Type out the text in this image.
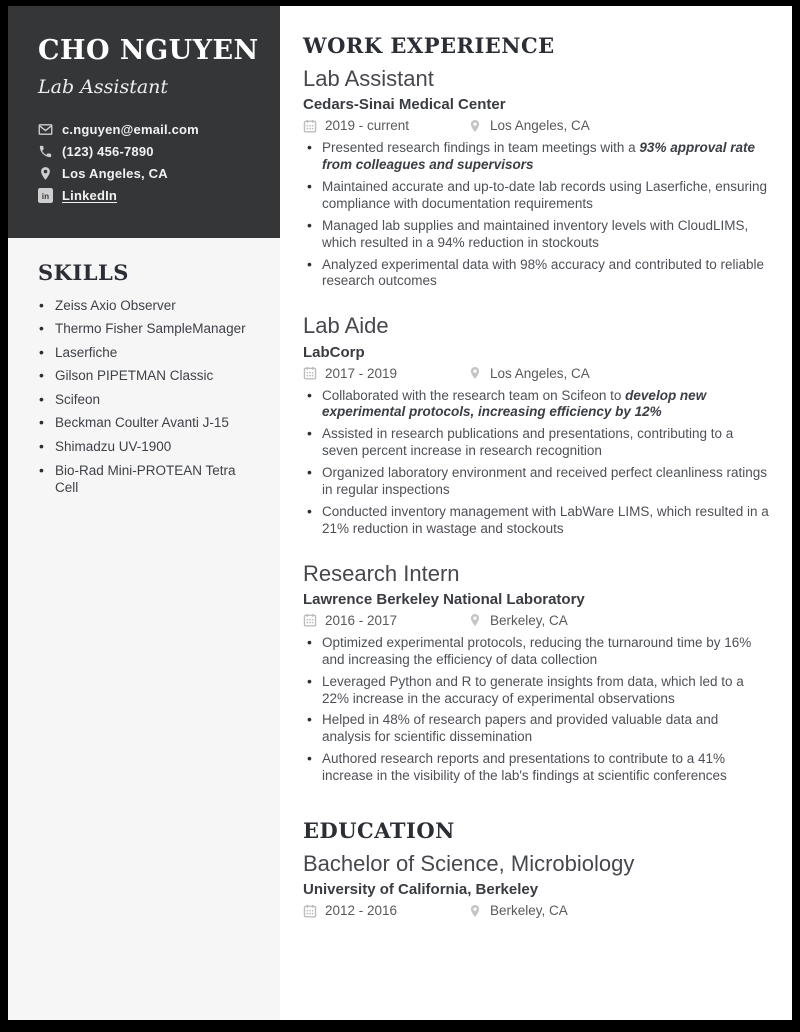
CHO NGUYEN
Lab Assistant
c.nguyen@email.com
(123) 456-7890
Los Angeles, CA
in LinkedIn
SKILLS
• Zeiss Axio Observer
• Thermo Fisher SampleManager
• Laserfiche
• Gilson PIPETMAN Classic
• Scifeon
• Beckman Coulter Avanti J-15
• Shimadzu UV-1900
• Bio-Rad Mini-PROTEAN Tetra Cell
WORK EXPERIENCE
Lab Assistant
Cedars-Sinai Medical Center
2019 - current	Los Angeles, CA
• Presented research findings in team meetings with a 93% approval rate from colleagues and supervisors
• Maintained accurate and up-to-date lab records using Laserfiche, ensuring compliance with documentation requirements
• Managed lab supplies and maintained inventory levels with CloudLIMS, which resulted in a 94% reduction in stockouts
• Analyzed experimental data with 98% accuracy and contributed to reliable research outcomes
Lab Aide
LabCorp
2017 - 2019	Los Angeles, CA
• Collaborated with the research team on Scifeon to develop new experimental protocols, increasing efficiency by 12%
• Assisted in research publications and presentations, contributing to a seven percent increase in research recognition
• Organized laboratory environment and received perfect cleanliness ratings in regular inspections
• Conducted inventory management with LabWare LIMS, which resulted in a 21% reduction in wastage and stockouts
Research Intern
Lawrence Berkeley National Laboratory
2016 - 2017	Berkeley, CA
• Optimized experimental protocols, reducing the turnaround time by 16% and increasing the efficiency of data collection
• Leveraged Python and R to generate insights from data, which led to a 22% increase in the accuracy of experimental observations
• Helped in 48% of research papers and provided valuable data and analysis for scientific dissemination
• Authored research reports and presentations to contribute to a 41% increase in the visibility of the lab's findings at scientific conferences
EDUCATION
Bachelor of Science, Microbiology
University of California, Berkeley
2012 - 2016	Berkeley, CA
